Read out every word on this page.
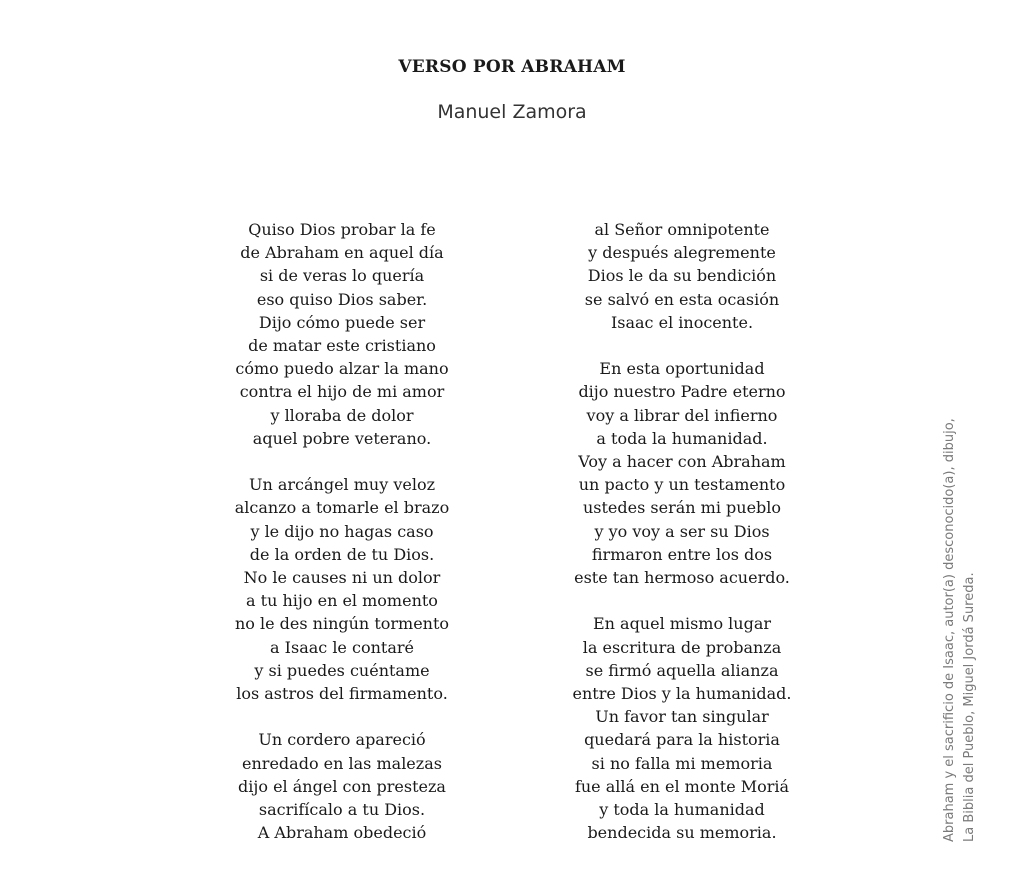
VERSO POR ABRAHAM
Manuel Zamora

Quiso Dios probar la fe
de Abraham en aquel día
si de veras lo quería
eso quiso Dios saber.
Dijo cómo puede ser
de matar este cristiano
cómo puedo alzar la mano
contra el hijo de mi amor
y lloraba de dolor
aquel pobre veterano.

Un arcángel muy veloz
alcanzo a tomarle el brazo
y le dijo no hagas caso
de la orden de tu Dios.
No le causes ni un dolor
a tu hijo en el momento
no le des ningún tormento
a Isaac le contaré
y si puedes cuéntame
los astros del firmamento.

Un cordero apareció
enredado en las malezas
dijo el ángel con presteza
sacrifícalo a tu Dios.
A Abraham obedeció

al Señor omnipotente
y después alegremente
Dios le da su bendición
se salvó en esta ocasión
Isaac el inocente.

En esta oportunidad
dijo nuestro Padre eterno
voy a librar del infierno
a toda la humanidad.
Voy a hacer con Abraham
un pacto y un testamento
ustedes serán mi pueblo
y yo voy a ser su Dios
firmaron entre los dos
este tan hermoso acuerdo.

En aquel mismo lugar
la escritura de probanza
se firmó aquella alianza
entre Dios y la humanidad.
Un favor tan singular
quedará para la historia
si no falla mi memoria
fue allá en el monte Moriá
y toda la humanidad
bendecida su memoria.	Abraham y el sacrificio de Isaac, autor(a) desconocido(a), dibujo, La Biblia del Pueblo, Miguel Jordá Sureda.
